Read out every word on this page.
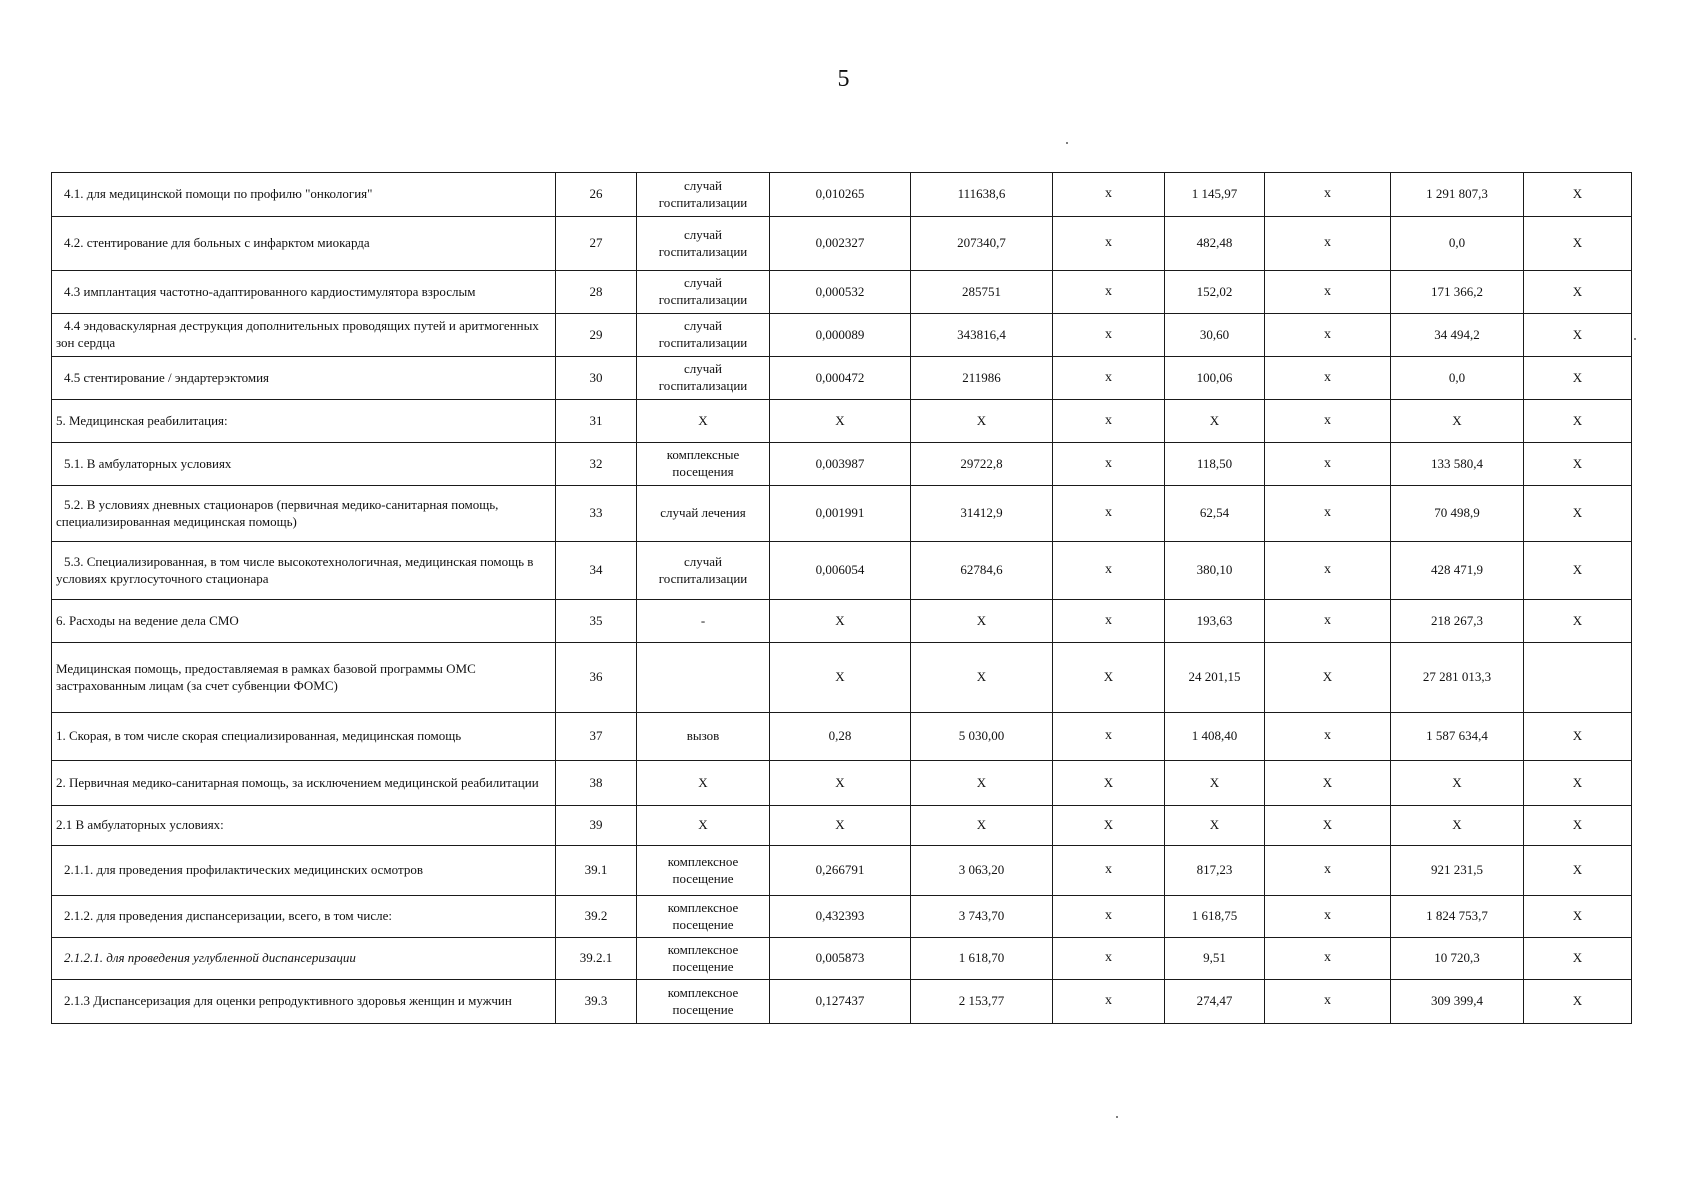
5
4.1. для медицинской помощи по профилю "онкология"	26	случай госпитализации	0,010265	111638,6	х	1 145,97	х	1 291 807,3	Х
4.2. стентирование для больных с инфарктом миокарда	27	случай госпитализации	0,002327	207340,7	х	482,48	х	0,0	Х
4.3 имплантация частотно-адаптированного кардиостимулятора взрослым	28	случай госпитализации	0,000532	285751	х	152,02	х	171 366,2	Х
4.4 эндоваскулярная деструкция дополнительных проводящих путей и аритмогенных зон сердца	29	случай госпитализации	0,000089	343816,4	х	30,60	х	34 494,2	Х
4.5 стентирование / эндартерэктомия	30	случай госпитализации	0,000472	211986	х	100,06	х	0,0	Х
5. Медицинская реабилитация:	31	Х	Х	Х	х	Х	х	Х	Х
5.1. В амбулаторных условиях	32	комплексные посещения	0,003987	29722,8	х	118,50	х	133 580,4	Х
5.2. В условиях дневных стационаров (первичная медико-санитарная помощь, специализированная медицинская помощь)	33	случай лечения	0,001991	31412,9	х	62,54	х	70 498,9	Х
5.3. Специализированная, в том числе высокотехнологичная, медицинская помощь в условиях круглосуточного стационара	34	случай госпитализации	0,006054	62784,6	х	380,10	х	428 471,9	Х
6. Расходы на ведение дела СМО	35	-	Х	Х	х	193,63	х	218 267,3	Х
Медицинская помощь, предоставляемая в рамках базовой программы ОМС застрахованным лицам (за счет субвенции ФОМС)	36		Х	Х	Х	24 201,15	Х	27 281 013,3	
1. Скорая, в том числе скорая специализированная, медицинская помощь	37	вызов	0,28	5 030,00	х	1 408,40	х	1 587 634,4	Х
2. Первичная медико-санитарная помощь, за исключением медицинской реабилитации	38	Х	Х	Х	Х	Х	Х	Х	Х
2.1 В амбулаторных условиях:	39	Х	Х	Х	Х	Х	Х	Х	Х
2.1.1. для проведения профилактических медицинских осмотров	39.1	комплексное посещение	0,266791	3 063,20	х	817,23	х	921 231,5	Х
2.1.2. для проведения диспансеризации, всего, в том числе:	39.2	комплексное посещение	0,432393	3 743,70	х	1 618,75	х	1 824 753,7	Х
2.1.2.1. для проведения углубленной диспансеризации	39.2.1	комплексное посещение	0,005873	1 618,70	х	9,51	х	10 720,3	Х
2.1.3 Диспансеризация для оценки репродуктивного здоровья женщин и мужчин	39.3	комплексное посещение	0,127437	2 153,77	х	274,47	х	309 399,4	Х
